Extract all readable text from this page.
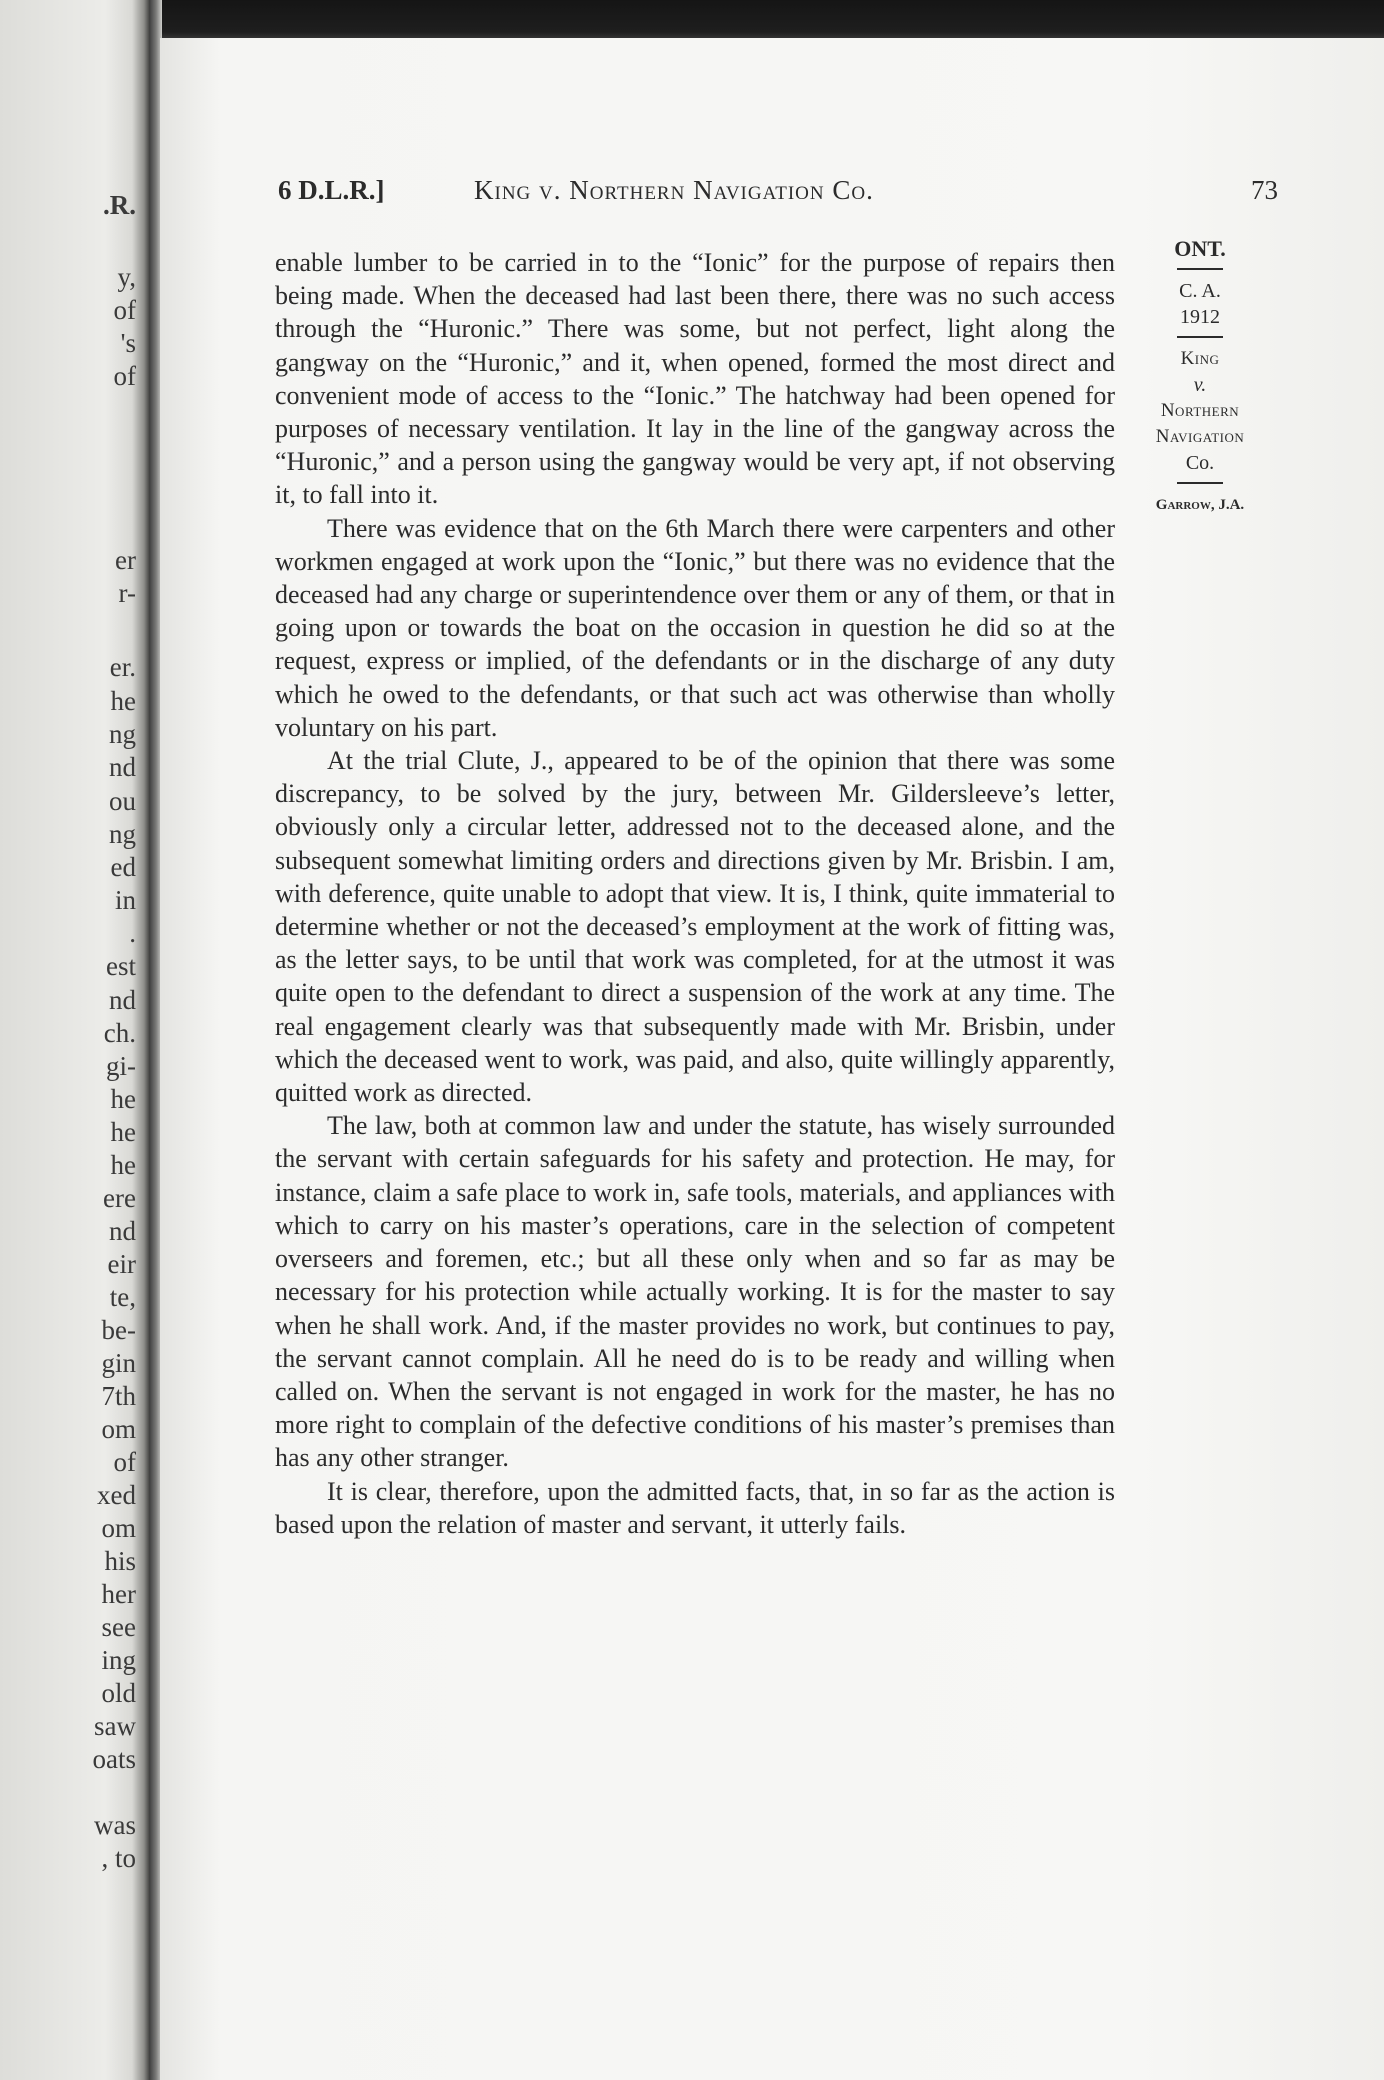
.R.
y,
of
's
of
er
r-
er.
he
ng
nd
ou
ng
ed
in
.
est
nd
ch.
gi-
he
he
he
ere
nd
eir
te,
be-
gin
7th
om
of
xed
om
his
her
see
ing
old
saw
oats
was
, to
6 D.L.R.]	King v. Northern Navigation Co.	73
ONT.
C. A.
1912
King
v.
Northern
Navigation
Co.
Garrow, J.A.

enable lumber to be carried in to the “Ionic” for the purpose of repairs then being made. When the deceased had last been there, there was no such access through the “Huronic.” There was some, but not perfect, light along the gangway on the “Huronic,” and it, when opened, formed the most direct and convenient mode of access to the “Ionic.” The hatchway had been opened for purposes of necessary ventilation. It lay in the line of the gangway across the “Huronic,” and a person using the gangway would be very apt, if not observing it, to fall into it.

There was evidence that on the 6th March there were carpenters and other workmen engaged at work upon the “Ionic,” but there was no evidence that the deceased had any charge or superintendence over them or any of them, or that in going upon or towards the boat on the occasion in question he did so at the request, express or implied, of the defendants or in the discharge of any duty which he owed to the defendants, or that such act was otherwise than wholly voluntary on his part.

At the trial Clute, J., appeared to be of the opinion that there was some discrepancy, to be solved by the jury, between Mr. Gildersleeve’s letter, obviously only a circular letter, addressed not to the deceased alone, and the subsequent somewhat limiting orders and directions given by Mr. Brisbin. I am, with deference, quite unable to adopt that view. It is, I think, quite immaterial to determine whether or not the deceased’s employment at the work of fitting was, as the letter says, to be until that work was completed, for at the utmost it was quite open to the defendant to direct a suspension of the work at any time. The real engagement clearly was that subsequently made with Mr. Brisbin, under which the deceased went to work, was paid, and also, quite willingly apparently, quitted work as directed.

The law, both at common law and under the statute, has wisely surrounded the servant with certain safeguards for his safety and protection. He may, for instance, claim a safe place to work in, safe tools, materials, and appliances with which to carry on his master’s operations, care in the selection of competent overseers and foremen, etc.; but all these only when and so far as may be necessary for his protection while actually working. It is for the master to say when he shall work. And, if the master provides no work, but continues to pay, the servant cannot complain. All he need do is to be ready and willing when called on. When the servant is not engaged in work for the master, he has no more right to complain of the defective conditions of his master’s premises than has any other stranger.

It is clear, therefore, upon the admitted facts, that, in so far as the action is based upon the relation of master and servant, it utterly fails.
